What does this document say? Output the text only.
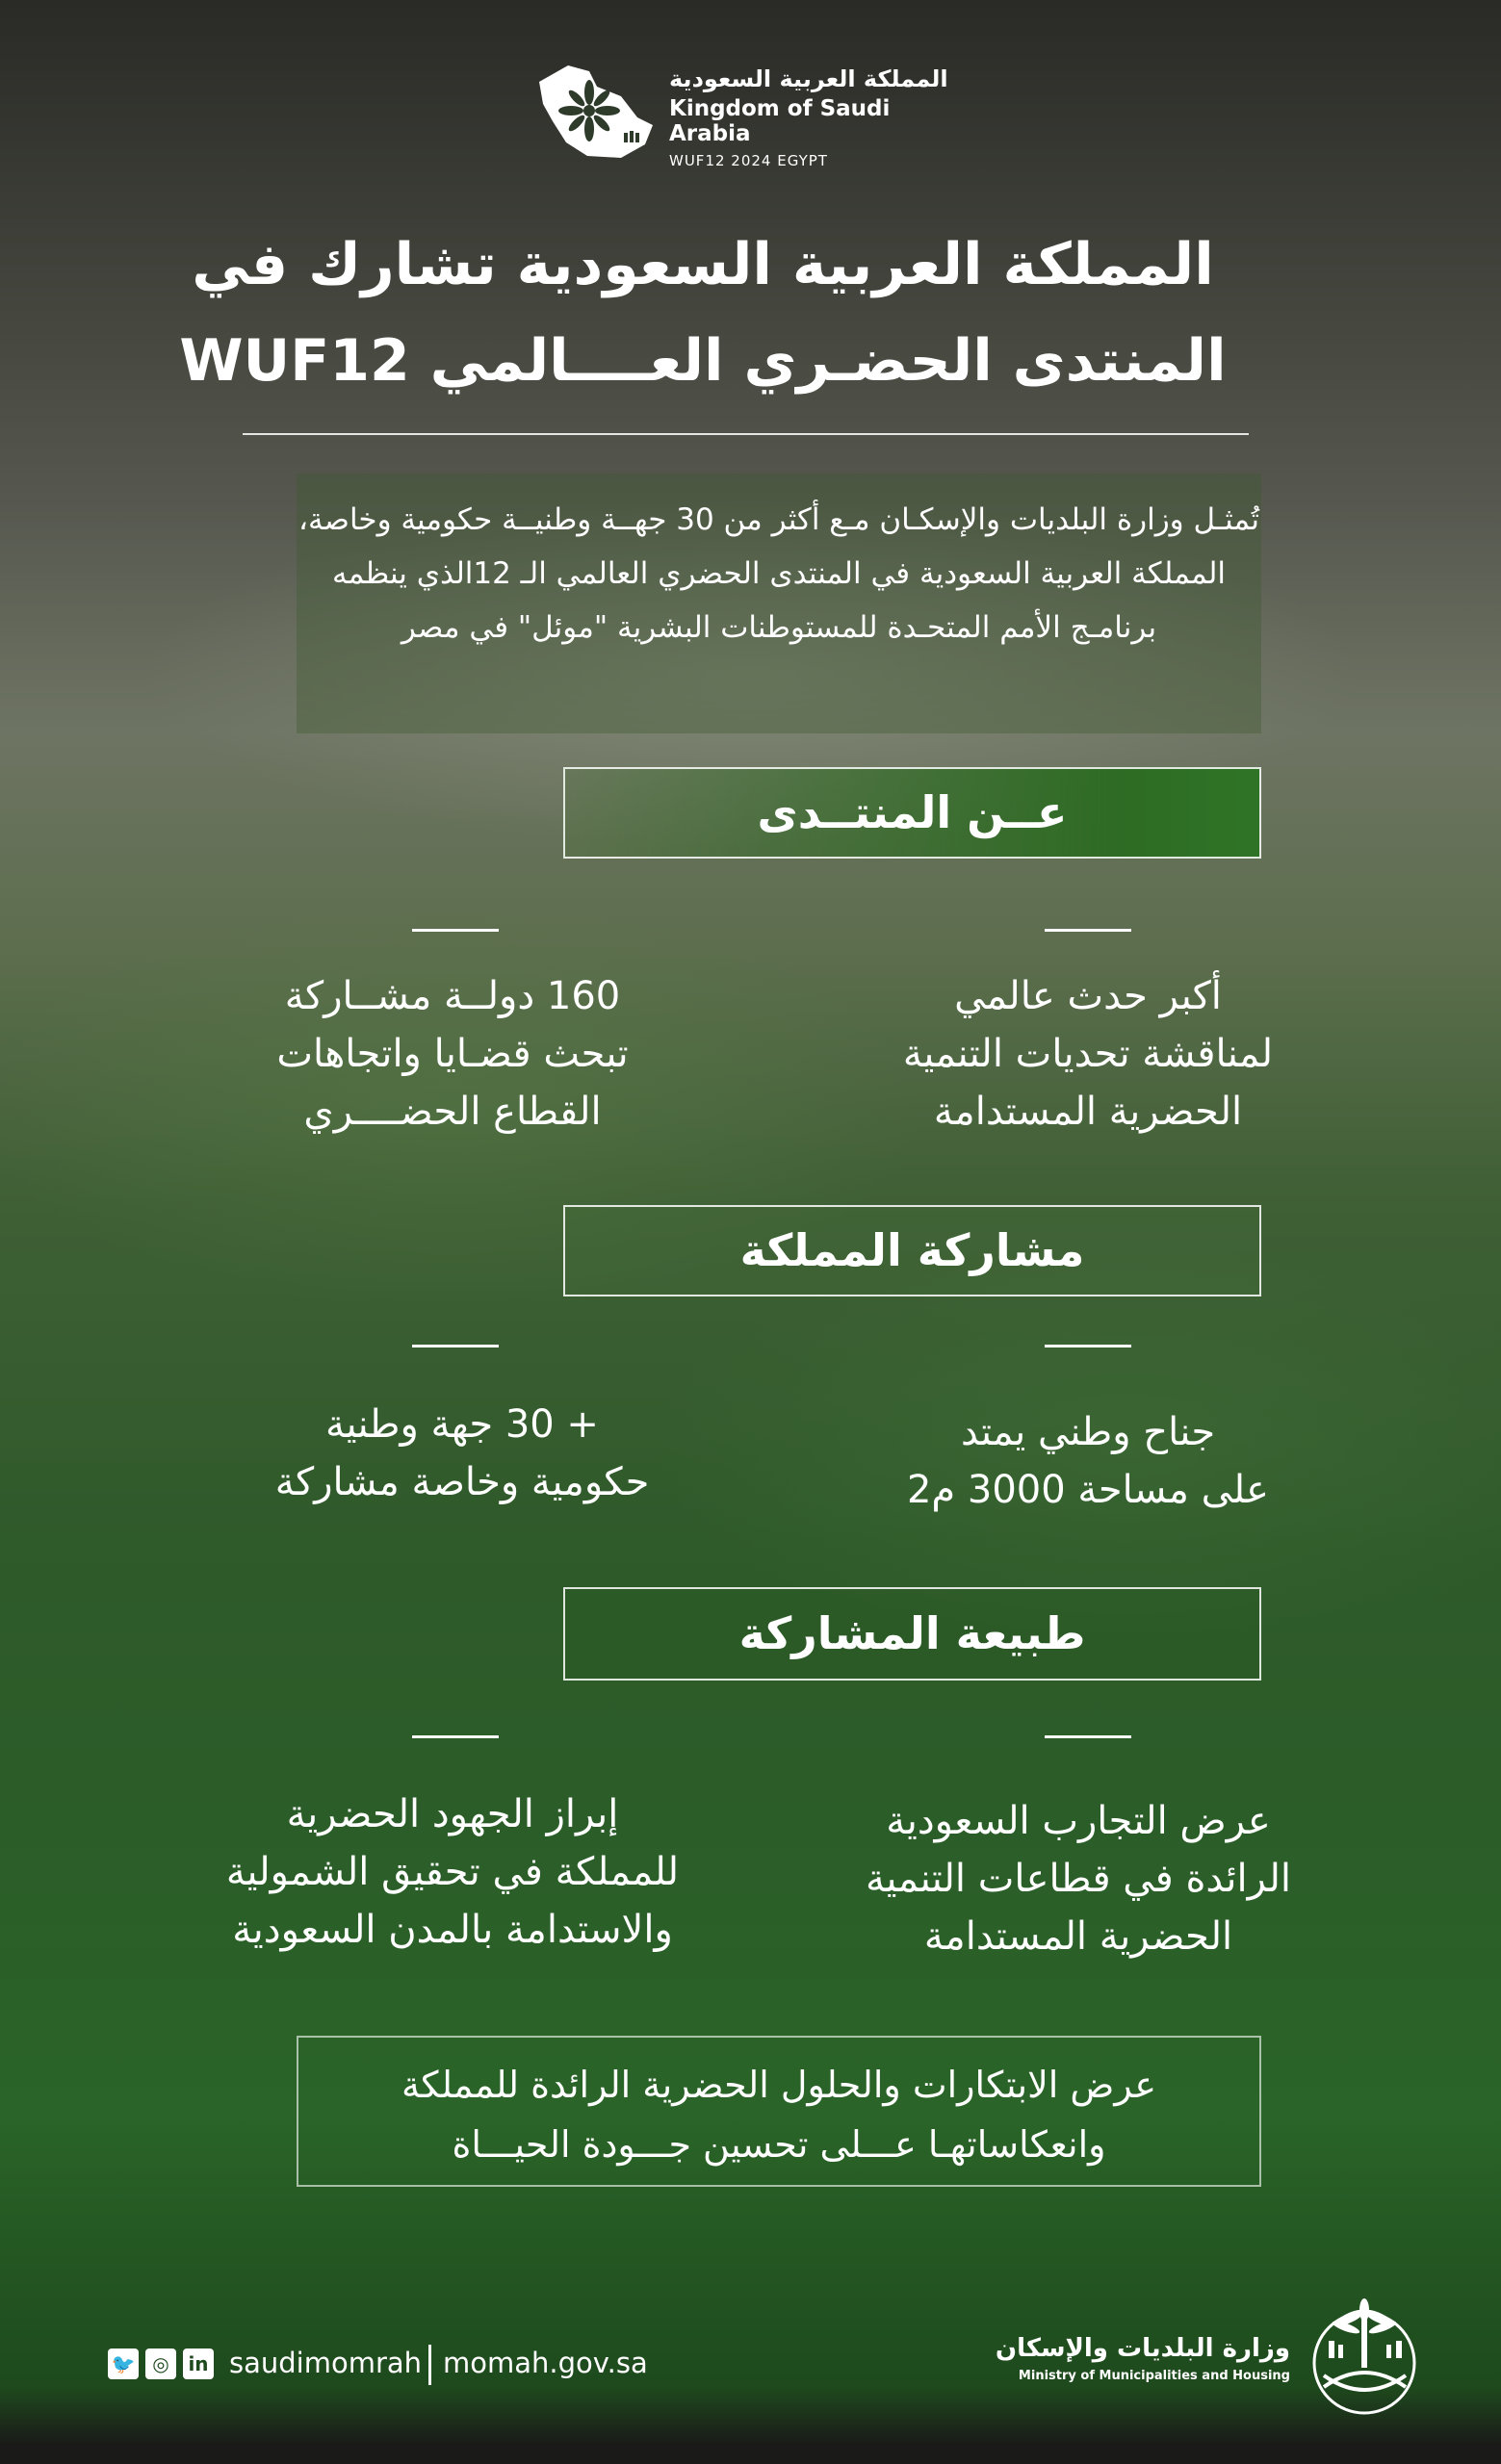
المملكة العربية السعودية
Kingdom of Saudi Arabia
WUF12 2024 EGYPT
المملكة العربية السعودية تشارك في
المنتدى الحضـري العــــالمي WUF12

تُمثـل وزارة البلديات والإسكـان مـع أكثر من 30 جهــة وطنيــة حكومية وخاصة، المملكة العربية السعودية في المنتدى الحضري العالمي الـ 12الذي ينظمه برنامـج الأمم المتحـدة للمستوطنات البشرية "موئل" في مصر

عــن المنتــدى
أكبر حدث عالمي
لمناقشة تحديات التنمية
الحضرية المستدامة
160 دولــة مشــاركة
تبحث قضـايا واتجاهات
القطاع الحضــــري
مشاركة المملكة
جناح وطني يمتد
على مساحة 3000 م2
+ 30 جهة وطنية
حكومية وخاصة مشاركة
طبيعة المشاركة
عرض التجارب السعودية
الرائدة في قطاعات التنمية
الحضرية المستدامة
إبراز الجهود الحضرية
للمملكة في تحقيق الشمولية
والاستدامة بالمدن السعودية

عرض الابتكارات والحلول الحضرية الرائدة للمملكة
وانعكاساتهـا عـــلى تحسين جـــودة الحيـــاة

🐦 ◎ in saudimomrah momah.gov.sa	وزارة البلديات والإسكان
Ministry of Municipalities and Housing
